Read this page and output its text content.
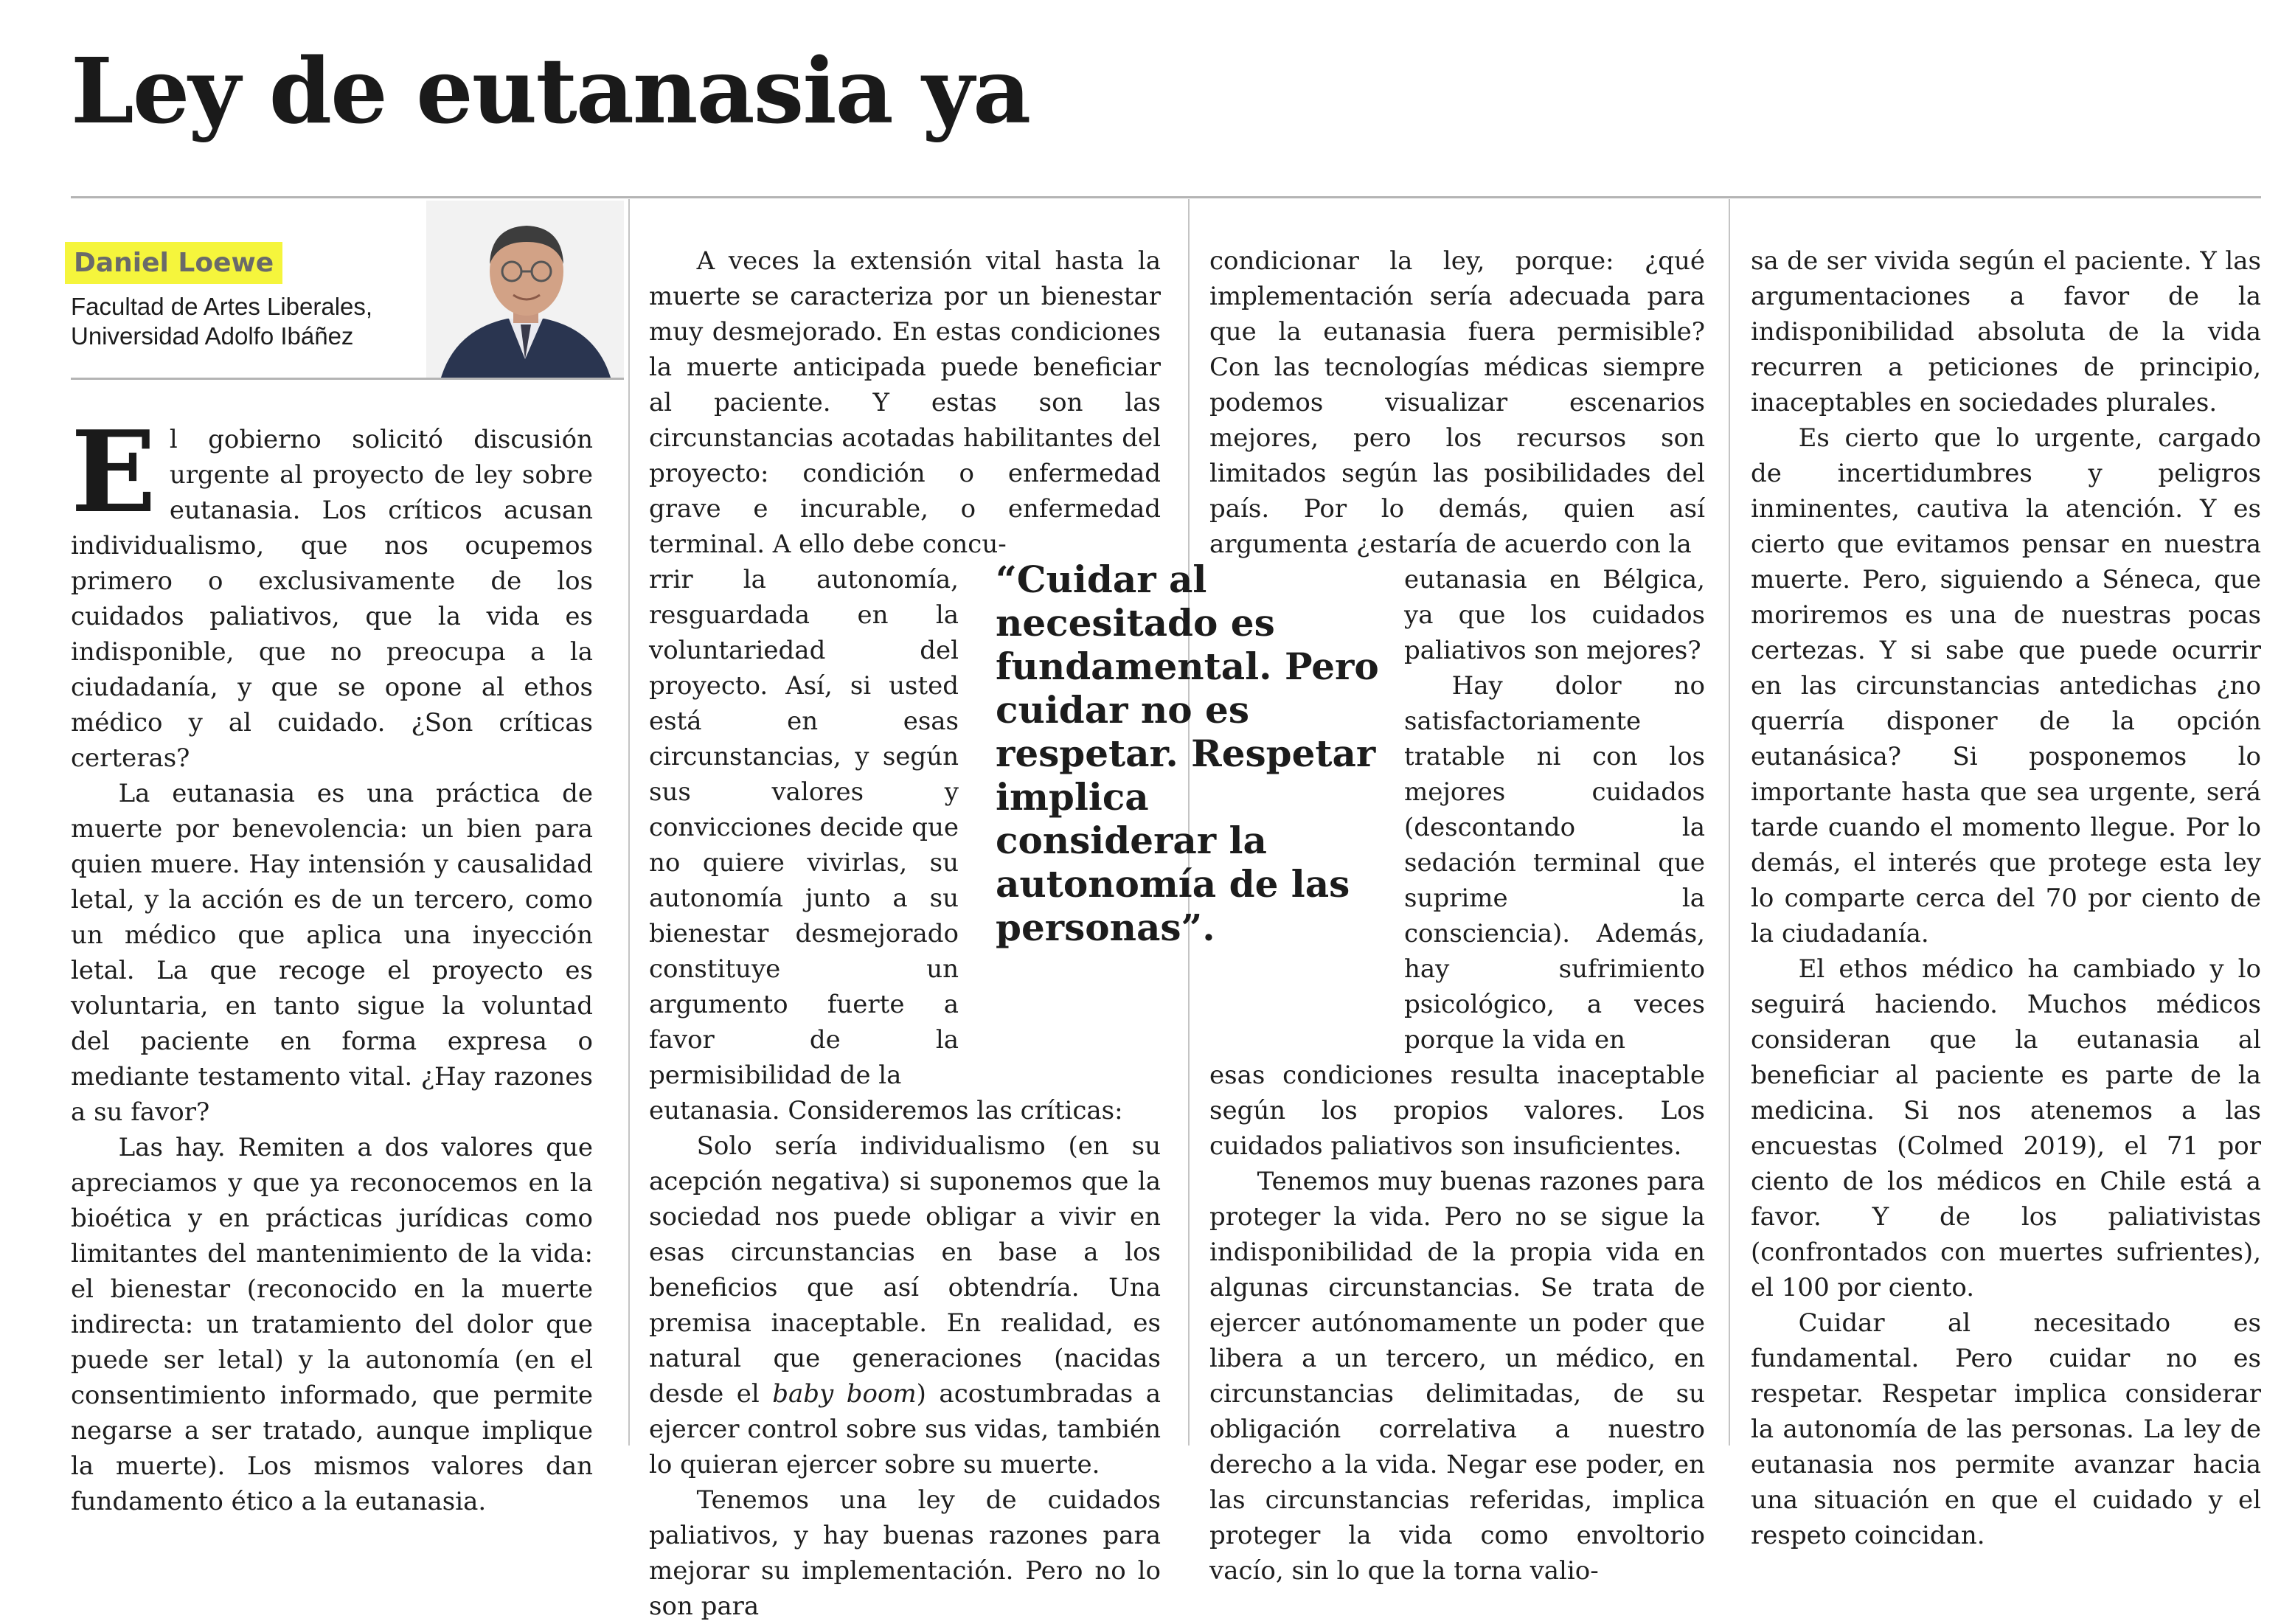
Ley de eutanasia ya
Daniel Loewe
Facultad de Artes Liberales,
Universidad Adolfo Ibáñez

El gobierno solicitó discusión urgente al proyecto de ley sobre eutanasia. Los críticos acusan individualismo, que nos ocupemos primero o exclusivamente de los cuidados paliativos, que la vida es indisponible, que no preocupa a la ciudadanía, y que se opone al ethos médico y al cuidado. ¿Son críticas certeras?

La eutanasia es una práctica de muerte por benevolencia: un bien para quien muere. Hay intensión y causalidad letal, y la acción es de un tercero, como un médico que aplica una inyección letal. La que recoge el proyecto es voluntaria, en tanto sigue la voluntad del paciente en forma expresa o mediante testamento vital. ¿Hay razones a su favor?

Las hay. Remiten a dos valores que apreciamos y que ya reconocemos en la bioética y en prácticas jurídicas como limitantes del mantenimiento de la vida: el bienestar (reconocido en la muerte indirecta: un tratamiento del dolor que puede ser letal) y la autonomía (en el consentimiento informado, que permite negarse a ser tratado, aunque implique la muerte). Los mismos valores dan fundamento ético a la eutanasia.

A veces la extensión vital hasta la muerte se caracteriza por un bienestar muy desmejorado. En estas condiciones la muerte anticipada puede beneficiar al paciente. Y estas son las circunstancias acotadas habilitantes del proyecto: condición o enfermedad grave e incurable, o enfermedad terminal. A ello debe concu-

rrir la autonomía, resguardada en la voluntariedad del proyecto. Así, si usted está en esas circunstancias, y según sus valores y convicciones decide que no quiere vivirlas, su autonomía junto a su bienestar desmejorado constituye un argumento fuerte a favor de la permisibilidad de la

eutanasia. Consideremos las críticas:

Solo sería individualismo (en su acepción negativa) si suponemos que la sociedad nos puede obligar a vivir en esas circunstancias en base a los beneficios que así obtendría. Una premisa inaceptable. En realidad, es natural que generaciones (nacidas desde el baby boom) acostumbradas a ejercer control sobre sus vidas, también lo quieran ejercer sobre su muerte.

Tenemos una ley de cuidados paliativos, y hay buenas razones para mejorar su implementación. Pero no lo son para

condicionar la ley, porque: ¿qué implementación sería adecuada para que la eutanasia fuera permisible? Con las tecnologías médicas siempre podemos visualizar escenarios mejores, pero los recursos son limitados según las posibilidades del país. Por lo demás, quien así argumenta ¿estaría de acuerdo con la

eutanasia en Bélgica, ya que los cuidados paliativos son mejores?

Hay dolor no satisfactoriamente tratable ni con los mejores cuidados (descontando la sedación terminal que suprime la consciencia). Además, hay sufrimiento psicológico, a veces porque la vida en

esas condiciones resulta inaceptable según los propios valores. Los cuidados paliativos son insuficientes.

Tenemos muy buenas razones para proteger la vida. Pero no se sigue la indisponibilidad de la propia vida en algunas circunstancias. Se trata de ejercer autónomamente un poder que libera a un tercero, un médico, en circunstancias delimitadas, de su obligación correlativa a nuestro derecho a la vida. Negar ese poder, en las circunstancias referidas, implica proteger la vida como envoltorio vacío, sin lo que la torna valio-

sa de ser vivida según el paciente. Y las argumentaciones a favor de la indisponibilidad absoluta de la vida recurren a peticiones de principio, inaceptables en sociedades plurales.

Es cierto que lo urgente, cargado de incertidumbres y peligros inminentes, cautiva la atención. Y es cierto que evitamos pensar en nuestra muerte. Pero, siguiendo a Séneca, que moriremos es una de nuestras pocas certezas. Y si sabe que puede ocurrir en las circunstancias antedichas ¿no querría disponer de la opción eutanásica? Si posponemos lo importante hasta que sea urgente, será tarde cuando el momento llegue. Por lo demás, el interés que protege esta ley lo comparte cerca del 70 por ciento de la ciudadanía.

El ethos médico ha cambiado y lo seguirá haciendo. Muchos médicos consideran que la eutanasia al beneficiar al paciente es parte de la medicina. Si nos atenemos a las encuestas (Colmed 2019), el 71 por ciento de los médicos en Chile está a favor. Y de los paliativistas (confrontados con muertes sufrientes), el 100 por ciento.

Cuidar al necesitado es fundamental. Pero cuidar no es respetar. Respetar implica considerar la autonomía de las personas. La ley de eutanasia nos permite avanzar hacia una situación en que el cuidado y el respeto coincidan.

“Cuidar al necesitado es fundamental. Pero cuidar no es respetar. Respetar implica considerar la autonomía de las personas”.
